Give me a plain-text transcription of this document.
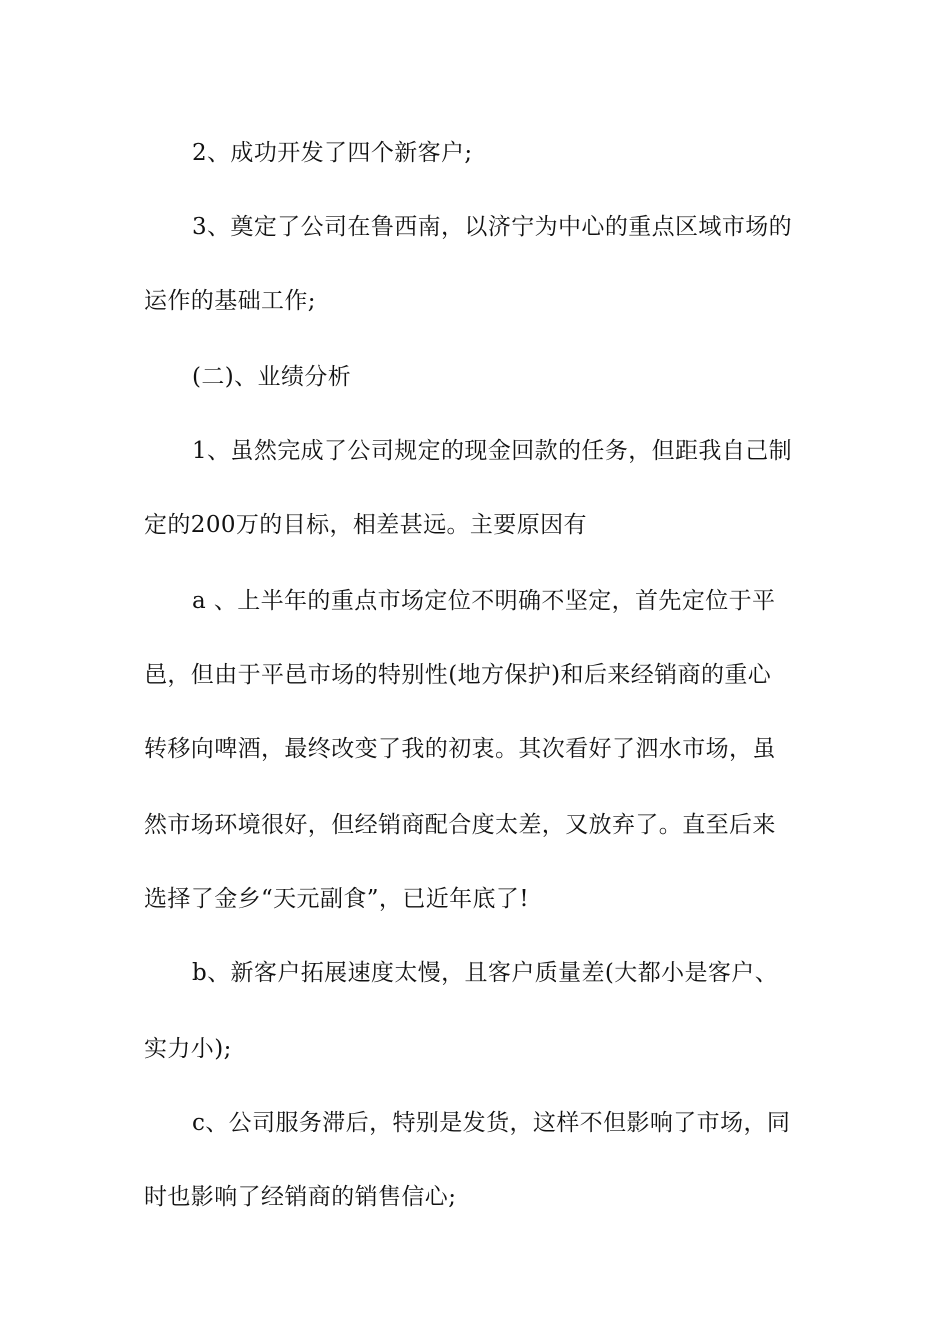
2、成功开发了四个新客户;
3、奠定了公司在鲁西南，以济宁为中心的重点区域市场的
运作的基础工作;
(二)、业绩分析
1、虽然完成了公司规定的现金回款的任务，但距我自己制
定的200万的目标，相差甚远。主要原因有
a 、上半年的重点市场定位不明确不坚定，首先定位于平
邑，但由于平邑市场的特别性(地方保护)和后来经销商的重心
转移向啤酒，最终改变了我的初衷。其次看好了泗水市场，虽
然市场环境很好，但经销商配合度太差，又放弃了。直至后来
选择了金乡“天元副食”，已近年底了!
b、新客户拓展速度太慢，且客户质量差(大都小是客户、
实力小);
c、公司服务滞后，特别是发货，这样不但影响了市场，同
时也影响了经销商的销售信心;
